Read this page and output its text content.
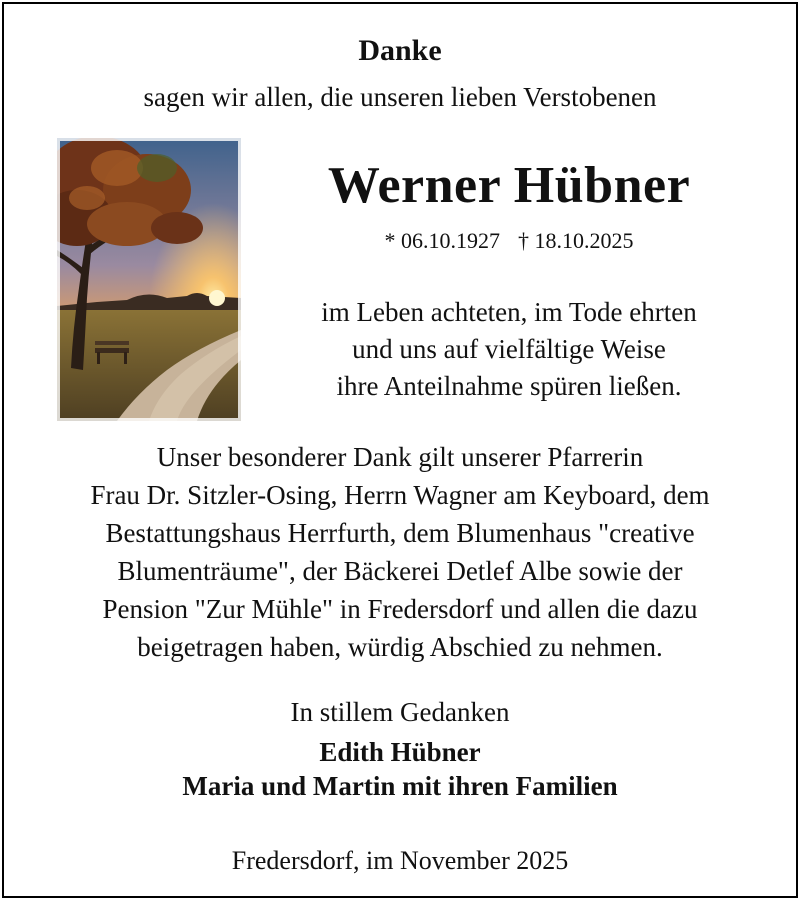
Danke
sagen wir allen, die unseren lieben Verstobenen
Werner Hübner
* 06.10.1927 † 18.10.2025
im Leben achteten, im Tode ehrten
und uns auf vielfältige Weise
ihre Anteilnahme spüren ließen.
Unser besonderer Dank gilt unserer Pfarrerin
Frau Dr. Sitzler-Osing, Herrn Wagner am Keyboard, dem
Bestattungshaus Herrfurth, dem Blumenhaus "creative
Blumenträume", der Bäckerei Detlef Albe sowie der
Pension "Zur Mühle" in Fredersdorf und allen die dazu
beigetragen haben, würdig Abschied zu nehmen.
In stillem Gedanken
Edith Hübner
Maria und Martin mit ihren Familien
Fredersdorf, im November 2025
